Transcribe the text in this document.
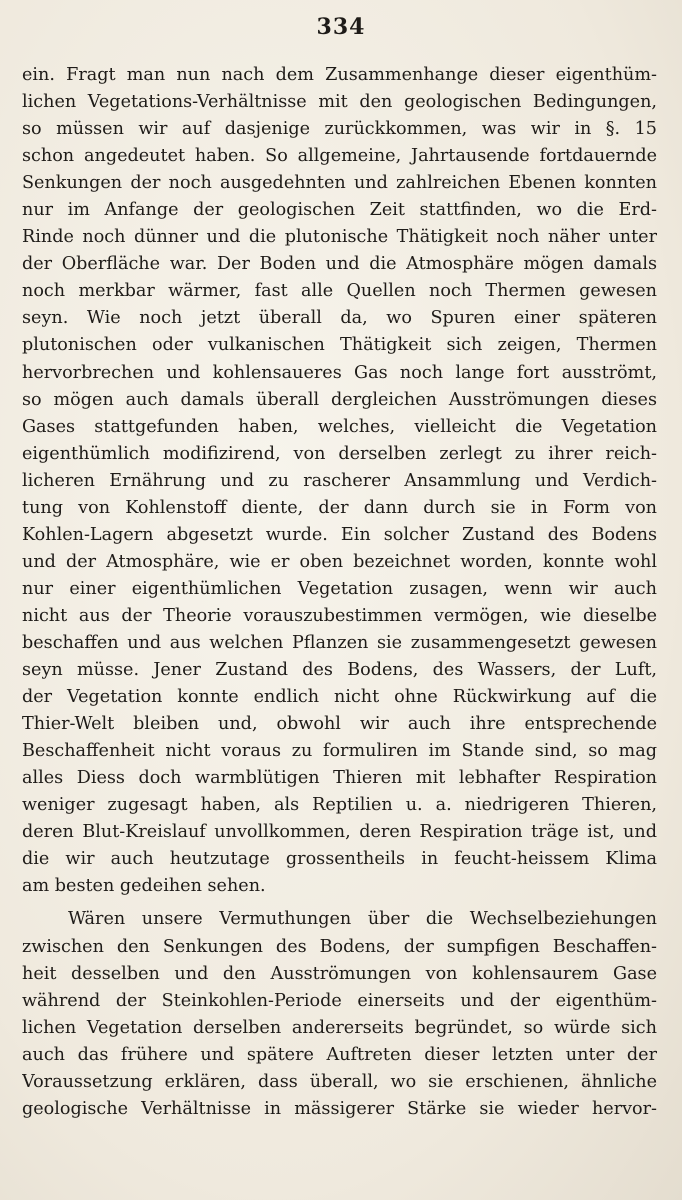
334
ein. Fragt man nun nach dem Zusammenhange dieser eigenthüm-
lichen Vegetations-Verhältnisse mit den geologischen Bedingungen,
so müssen wir auf dasjenige zurückkommen, was wir in §. 15
schon angedeutet haben. So allgemeine, Jahrtausende fortdauernde
Senkungen der noch ausgedehnten und zahlreichen Ebenen konnten
nur im Anfange der geologischen Zeit stattfinden, wo die Erd-
Rinde noch dünner und die plutonische Thätigkeit noch näher unter
der Oberfläche war. Der Boden und die Atmosphäre mögen damals
noch merkbar wärmer, fast alle Quellen noch Thermen gewesen
seyn. Wie noch jetzt überall da, wo Spuren einer späteren
plutonischen oder vulkanischen Thätigkeit sich zeigen, Thermen
hervorbrechen und kohlensaueres Gas noch lange fort ausströmt,
so mögen auch damals überall dergleichen Ausströmungen dieses
Gases stattgefunden haben, welches, vielleicht die Vegetation
eigenthümlich modifizirend, von derselben zerlegt zu ihrer reich-
licheren Ernährung und zu rascherer Ansammlung und Verdich-
tung von Kohlenstoff diente, der dann durch sie in Form von
Kohlen-Lagern abgesetzt wurde. Ein solcher Zustand des Bodens
und der Atmosphäre, wie er oben bezeichnet worden, konnte wohl
nur einer eigenthümlichen Vegetation zusagen, wenn wir auch
nicht aus der Theorie vorauszubestimmen vermögen, wie dieselbe
beschaffen und aus welchen Pflanzen sie zusammengesetzt gewesen
seyn müsse. Jener Zustand des Bodens, des Wassers, der Luft,
der Vegetation konnte endlich nicht ohne Rückwirkung auf die
Thier-Welt bleiben und, obwohl wir auch ihre entsprechende
Beschaffenheit nicht voraus zu formuliren im Stande sind, so mag
alles Diess doch warmblütigen Thieren mit lebhafter Respiration
weniger zugesagt haben, als Reptilien u. a. niedrigeren Thieren,
deren Blut-Kreislauf unvollkommen, deren Respiration träge ist, und
die wir auch heutzutage grossentheils in feucht-heissem Klima
am besten gedeihen sehen.
Wären unsere Vermuthungen über die Wechselbeziehungen
zwischen den Senkungen des Bodens, der sumpfigen Beschaffen-
heit desselben und den Ausströmungen von kohlensaurem Gase
während der Steinkohlen-Periode einerseits und der eigenthüm-
lichen Vegetation derselben andererseits begründet, so würde sich
auch das frühere und spätere Auftreten dieser letzten unter der
Voraussetzung erklären, dass überall, wo sie erschienen, ähnliche
geologische Verhältnisse in mässigerer Stärke sie wieder hervor-
